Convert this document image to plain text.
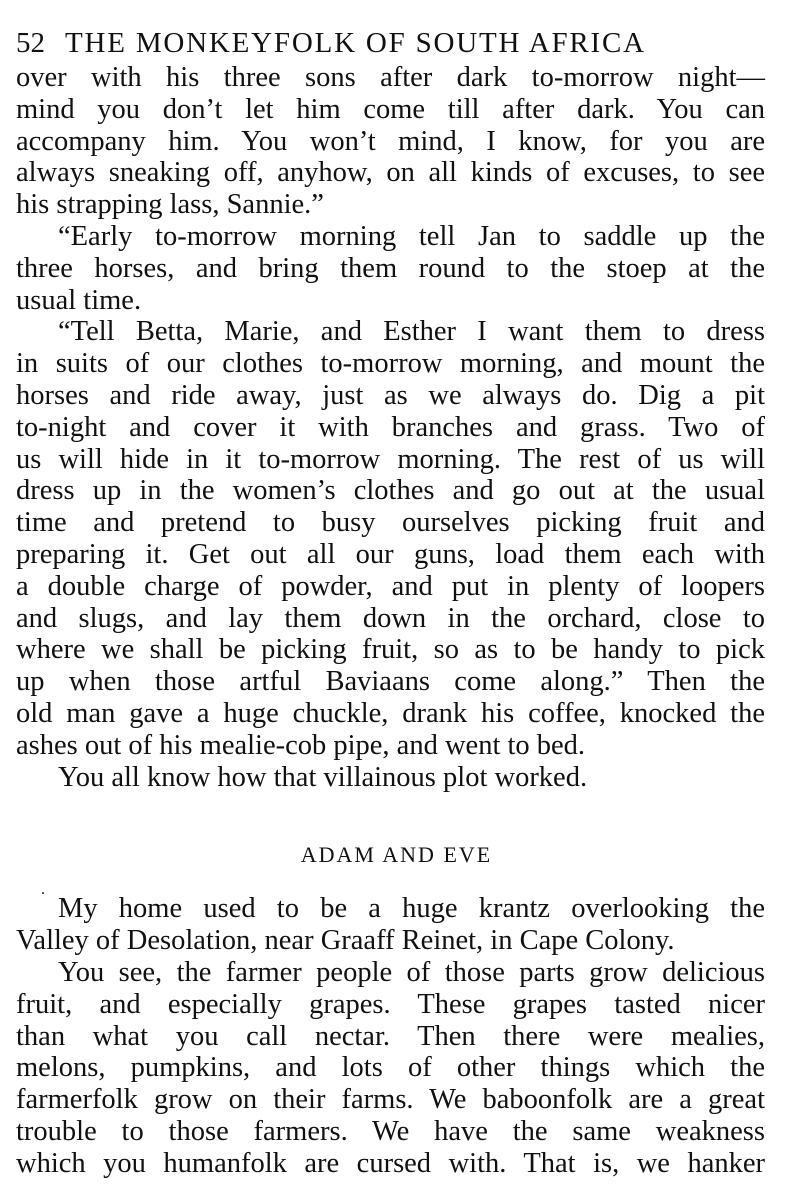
52 THE MONKEYFOLK OF SOUTH AFRICA
over with his three sons after dark to-morrow night—
mind you don’t let him come till after dark. You can
accompany him. You won’t mind, I know, for you are
always sneaking off, anyhow, on all kinds of excuses, to see
his strapping lass, Sannie.”
“Early to-morrow morning tell Jan to saddle up the
three horses, and bring them round to the stoep at the
usual time.
“Tell Betta, Marie, and Esther I want them to dress
in suits of our clothes to-morrow morning, and mount the
horses and ride away, just as we always do. Dig a pit
to-night and cover it with branches and grass. Two of
us will hide in it to-morrow morning. The rest of us will
dress up in the women’s clothes and go out at the usual
time and pretend to busy ourselves picking fruit and
preparing it. Get out all our guns, load them each with
a double charge of powder, and put in plenty of loopers
and slugs, and lay them down in the orchard, close to
where we shall be picking fruit, so as to be handy to pick
up when those artful Baviaans come along.” Then the
old man gave a huge chuckle, drank his coffee, knocked the
ashes out of his mealie-cob pipe, and went to bed.
You all know how that villainous plot worked.
ADAM AND EVE
˙ My home used to be a huge krantz overlooking the
Valley of Desolation, near Graaff Reinet, in Cape Colony.
You see, the farmer people of those parts grow delicious
fruit, and especially grapes. These grapes tasted nicer
than what you call nectar. Then there were mealies,
melons, pumpkins, and lots of other things which the
farmerfolk grow on their farms. We baboonfolk are a great
trouble to those farmers. We have the same weakness
which you humanfolk are cursed with. That is, we hanker
